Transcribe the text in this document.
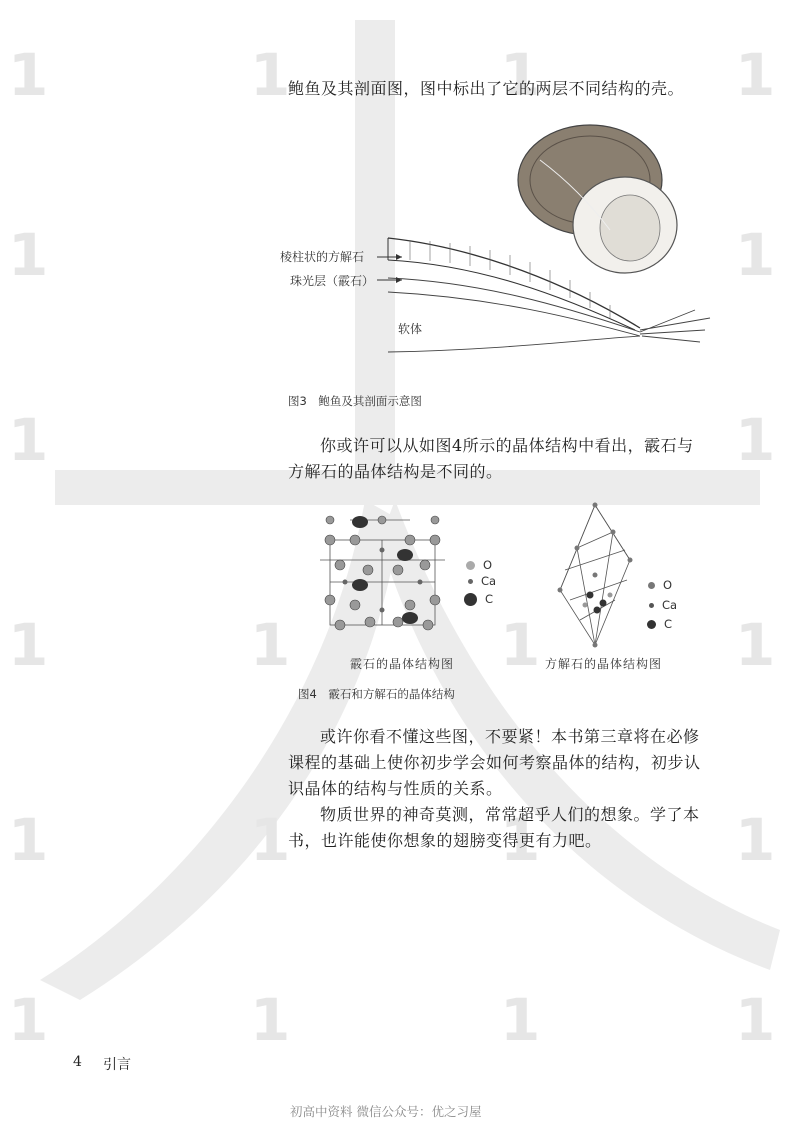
1	1	1	1
1	1
1	1
1	1	1	1
1	1	1	1
1	1	1	1
鲍鱼及其剖面图，图中标出了它的两层不同结构的壳。
棱柱状的方解石
珠光层（霰石）
软体
图3　鲍鱼及其剖面示意图
你或许可以从如图4所示的晶体结构中看出，霰石与
方解石的晶体结构是不同的。
O
Ca
C
O
Ca
C
霰石的晶体结构图	方解石的晶体结构图
图4　霰石和方解石的晶体结构
或许你看不懂这些图，不要紧！本书第三章将在必修
课程的基础上使你初步学会如何考察晶体的结构，初步认
识晶体的结构与性质的关系。
物质世界的神奇莫测，常常超乎人们的想象。学了本
书，也许能使你想象的翅膀变得更有力吧。
4 引言
初高中资料 微信公众号：优之习屋
